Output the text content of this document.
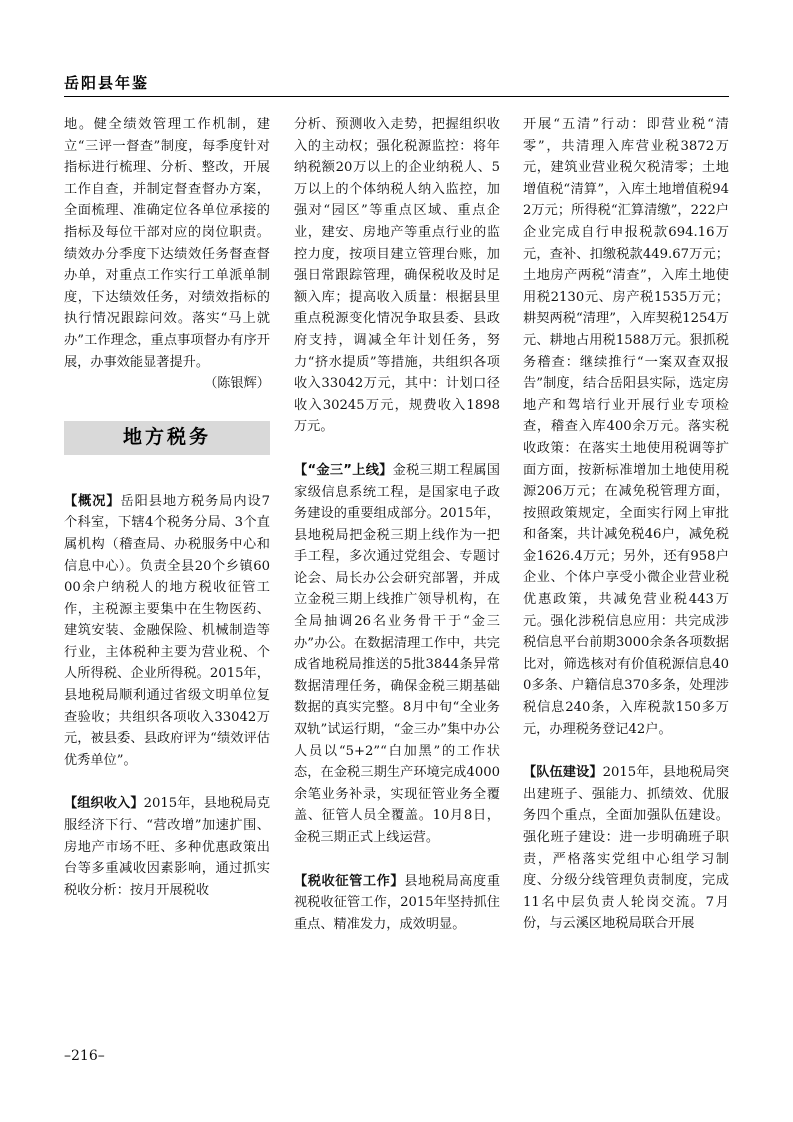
岳阳县年鉴

地。健全绩效管理工作机制，建立“三评一督查”制度，每季度针对指标进行梳理、分析、整改，开展工作自查，并制定督查督办方案，全面梳理、准确定位各单位承接的指标及每位干部对应的岗位职责。绩效办分季度下达绩效任务督查督办单，对重点工作实行工单派单制度，下达绩效任务，对绩效指标的执行情况跟踪问效。落实“马上就办”工作理念，重点事项督办有序开展，办事效能显著提升。

（陈银辉）

地方税务

【概况】岳阳县地方税务局内设7个科室，下辖4个税务分局、3个直属机构（稽查局、办税服务中心和信息中心）。负责全县20个乡镇6000余户纳税人的地方税收征管工作，主税源主要集中在生物医药、建筑安装、金融保险、机械制造等行业，主体税种主要为营业税、个人所得税、企业所得税。2015年，县地税局顺利通过省级文明单位复查验收；共组织各项收入33042万元，被县委、县政府评为“绩效评估优秀单位”。

【组织收入】2015年，县地税局克服经济下行、“营改增”加速扩围、房地产市场不旺、多种优惠政策出台等多重减收因素影响，通过抓实税收分析：按月开展税收

分析、预测收入走势，把握组织收入的主动权；强化税源监控：将年纳税额20万以上的企业纳税人、5万以上的个体纳税人纳入监控，加强对“园区”等重点区域、重点企业，建安、房地产等重点行业的监控力度，按项目建立管理台账，加强日常跟踪管理，确保税收及时足额入库；提高收入质量：根据县里重点税源变化情况争取县委、县政府支持，调减全年计划任务，努力“挤水提质”等措施，共组织各项收入33042万元，其中：计划口径收入30245万元，规费收入1898万元。

【“金三”上线】金税三期工程属国家级信息系统工程，是国家电子政务建设的重要组成部分。2015年，县地税局把金税三期上线作为一把手工程，多次通过党组会、专题讨论会、局长办公会研究部署，并成立金税三期上线推广领导机构，在全局抽调26名业务骨干于“金三办”办公。在数据清理工作中，共完成省地税局推送的5批3844条异常数据清理任务，确保金税三期基础数据的真实完整。8月中旬“全业务双轨”试运行期，“金三办”集中办公人员以“5+2”“白加黑”的工作状态，在金税三期生产环境完成4000余笔业务补录，实现征管业务全覆盖、征管人员全覆盖。10月8日，金税三期正式上线运营。

【税收征管工作】县地税局高度重视税收征管工作，2015年坚持抓住重点、精准发力，成效明显。

开展“五清”行动：即营业税“清零”，共清理入库营业税3872万元，建筑业营业税欠税清零；土地增值税“清算”，入库土地增值税942万元；所得税“汇算清缴”，222户企业完成自行申报税款694.16万元，查补、扣缴税款449.67万元；土地房产两税“清查”，入库土地使用税2130元、房产税1535万元；耕契两税“清理”，入库契税1254万元、耕地占用税1588万元。狠抓税务稽查：继续推行“一案双查双报告”制度，结合岳阳县实际，选定房地产和驾培行业开展行业专项检查，稽查入库400余万元。落实税收政策：在落实土地使用税调等扩面方面，按新标准增加土地使用税源206万元；在减免税管理方面，按照政策规定，全面实行网上审批和备案，共计减免税46户，减免税金1626.4万元；另外，还有958户企业、个体户享受小微企业营业税优惠政策，共减免营业税443万元。强化涉税信息应用：共完成涉税信息平台前期3000余条各项数据比对，筛选核对有价值税源信息400多条、户籍信息370多条，处理涉税信息240条，入库税款150多万元，办理税务登记42户。

【队伍建设】2015年，县地税局突出建班子、强能力、抓绩效、优服务四个重点，全面加强队伍建设。强化班子建设：进一步明确班子职责，严格落实党组中心组学习制度、分级分线管理负责制度，完成11名中层负责人轮岗交流。7月份，与云溪区地税局联合开展

–216–
